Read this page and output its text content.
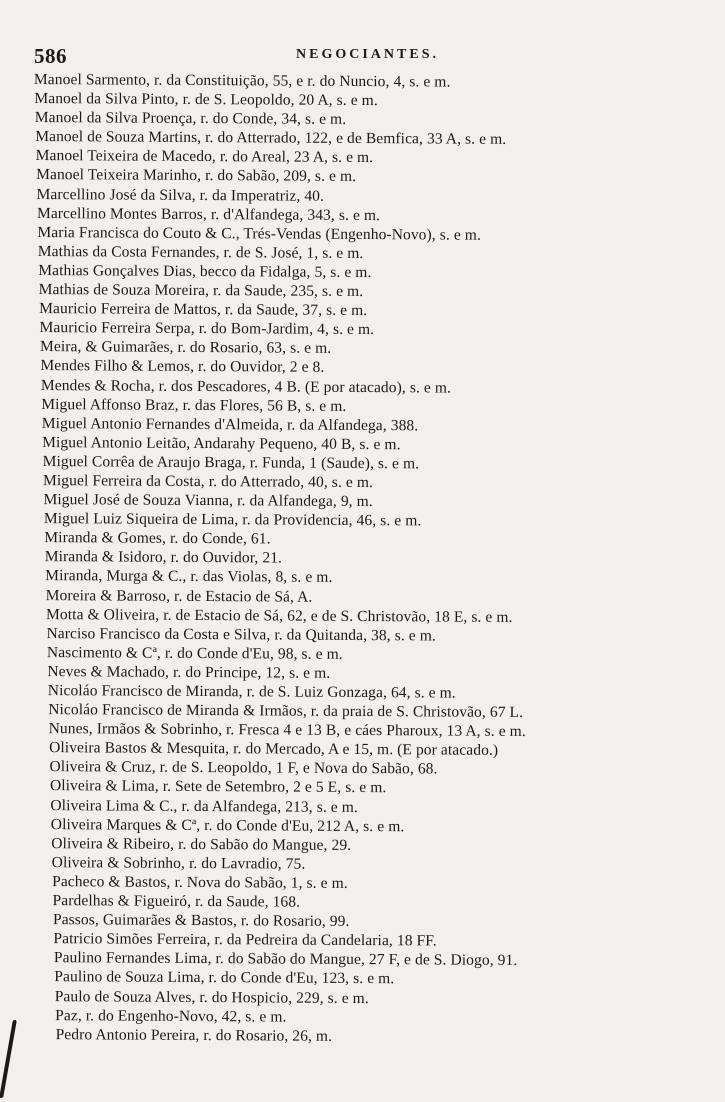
586	NEGOCIANTES.
Manoel Sarmento, r. da Constituição, 55, e r. do Nuncio, 4, s. e m.
Manoel da Silva Pinto, r. de S. Leopoldo, 20 A, s. e m.
Manoel da Silva Proença, r. do Conde, 34, s. e m.
Manoel de Souza Martins, r. do Atterrado, 122, e de Bemfica, 33 A, s. e m.
Manoel Teixeira de Macedo, r. do Areal, 23 A, s. e m.
Manoel Teixeira Marinho, r. do Sabão, 209, s. e m.
Marcellino José da Silva, r. da Imperatriz, 40.
Marcellino Montes Barros, r. d'Alfandega, 343, s. e m.
Maria Francisca do Couto & C., Trés-Vendas (Engenho-Novo), s. e m.
Mathias da Costa Fernandes, r. de S. José, 1, s. e m.
Mathias Gonçalves Dias, becco da Fidalga, 5, s. e m.
Mathias de Souza Moreira, r. da Saude, 235, s. e m.
Mauricio Ferreira de Mattos, r. da Saude, 37, s. e m.
Mauricio Ferreira Serpa, r. do Bom-Jardim, 4, s. e m.
Meira, & Guimarães, r. do Rosario, 63, s. e m.
Mendes Filho & Lemos, r. do Ouvidor, 2 e 8.
Mendes & Rocha, r. dos Pescadores, 4 B. (E por atacado), s. e m.
Miguel Affonso Braz, r. das Flores, 56 B, s. e m.
Miguel Antonio Fernandes d'Almeida, r. da Alfandega, 388.
Miguel Antonio Leitão, Andarahy Pequeno, 40 B, s. e m.
Miguel Corrêa de Araujo Braga, r. Funda, 1 (Saude), s. e m.
Miguel Ferreira da Costa, r. do Atterrado, 40, s. e m.
Miguel José de Souza Vianna, r. da Alfandega, 9, m.
Miguel Luiz Siqueira de Lima, r. da Providencia, 46, s. e m.
Miranda & Gomes, r. do Conde, 61.
Miranda & Isidoro, r. do Ouvidor, 21.
Miranda, Murga & C., r. das Violas, 8, s. e m.
Moreira & Barroso, r. de Estacio de Sá, A.
Motta & Oliveira, r. de Estacio de Sá, 62, e de S. Christovão, 18 E, s. e m.
Narciso Francisco da Costa e Silva, r. da Quitanda, 38, s. e m.
Nascimento & Cª, r. do Conde d'Eu, 98, s. e m.
Neves & Machado, r. do Principe, 12, s. e m.
Nicoláo Francisco de Miranda, r. de S. Luiz Gonzaga, 64, s. e m.
Nicoláo Francisco de Miranda & Irmãos, r. da praia de S. Christovão, 67 L.
Nunes, Irmãos & Sobrinho, r. Fresca 4 e 13 B, e cáes Pharoux, 13 A, s. e m.
Oliveira Bastos & Mesquita, r. do Mercado, A e 15, m. (E por atacado.)
Oliveira & Cruz, r. de S. Leopoldo, 1 F, e Nova do Sabão, 68.
Oliveira & Lima, r. Sete de Setembro, 2 e 5 E, s. e m.
Oliveira Lima & C., r. da Alfandega, 213, s. e m.
Oliveira Marques & Cª, r. do Conde d'Eu, 212 A, s. e m.
Oliveira & Ribeiro, r. do Sabão do Mangue, 29.
Oliveira & Sobrinho, r. do Lavradio, 75.
Pacheco & Bastos, r. Nova do Sabão, 1, s. e m.
Pardelhas & Figueiró, r. da Saude, 168.
Passos, Guimarães & Bastos, r. do Rosario, 99.
Patricio Simões Ferreira, r. da Pedreira da Candelaria, 18 FF.
Paulino Fernandes Lima, r. do Sabão do Mangue, 27 F, e de S. Diogo, 91.
Paulino de Souza Lima, r. do Conde d'Eu, 123, s. e m.
Paulo de Souza Alves, r. do Hospicio, 229, s. e m.
Paz, r. do Engenho-Novo, 42, s. e m.
Pedro Antonio Pereira, r. do Rosario, 26, m.
